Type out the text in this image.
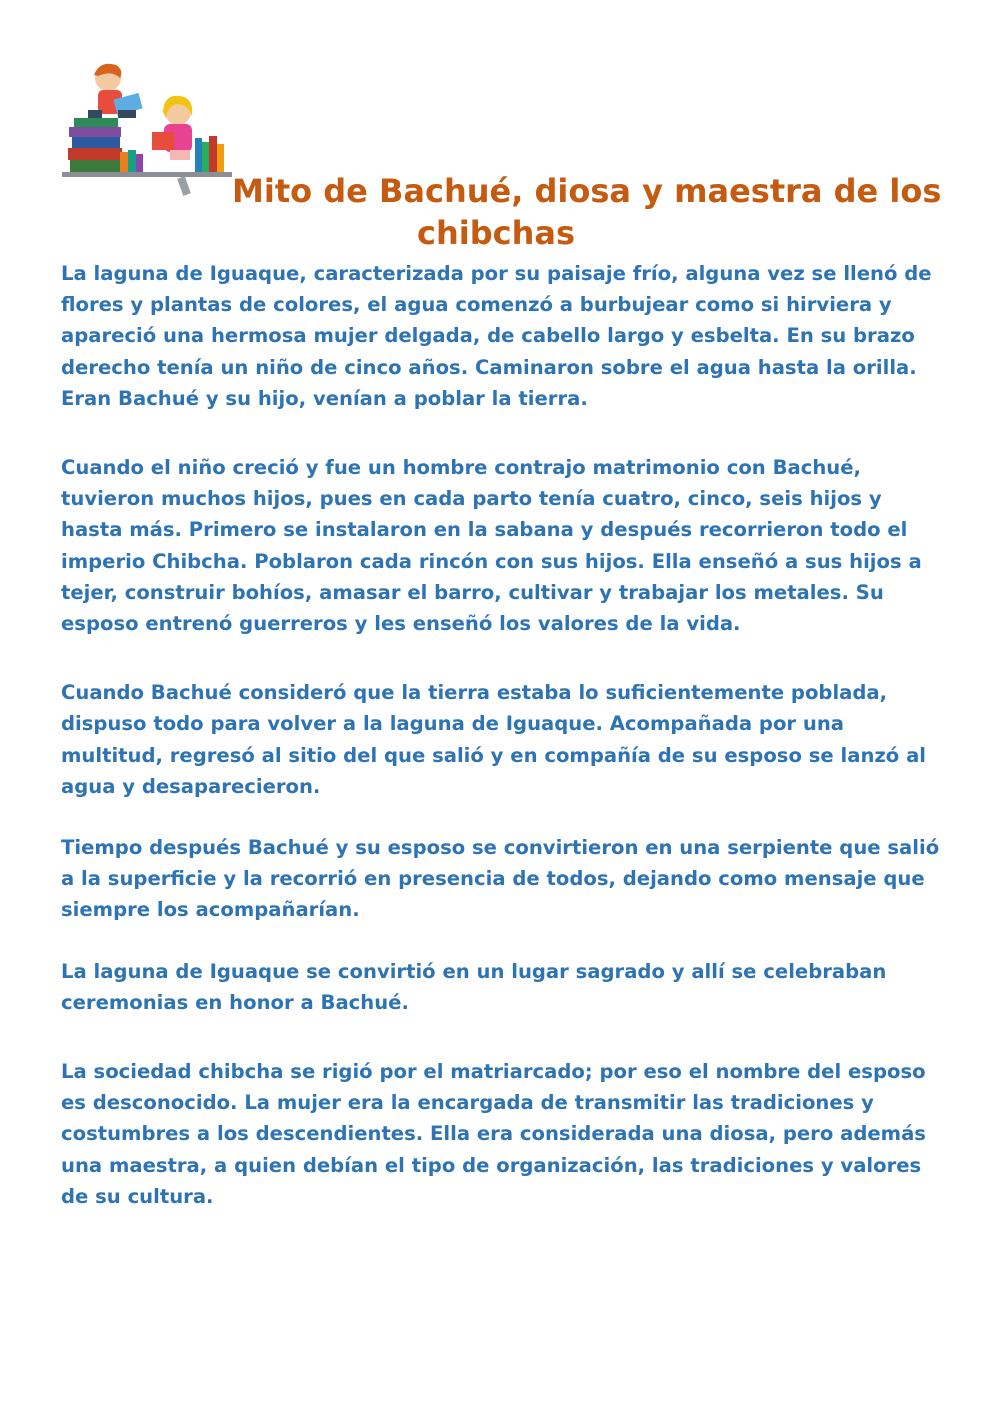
Mito de Bachué, diosa y maestra de los
chibchas

La laguna de Iguaque, caracterizada por su paisaje frío, alguna vez se llenó de flores y plantas de colores, el agua comenzó a burbujear como si hirviera y apareció una hermosa mujer delgada, de cabello largo y esbelta. En su brazo derecho tenía un niño de cinco años. Caminaron sobre el agua hasta la orilla. Eran Bachué y su hijo, venían a poblar la tierra.

Cuando el niño creció y fue un hombre contrajo matrimonio con Bachué, tuvieron muchos hijos, pues en cada parto tenía cuatro, cinco, seis hijos y hasta más. Primero se instalaron en la sabana y después recorrieron todo el imperio Chibcha. Poblaron cada rincón con sus hijos. Ella enseñó a sus hijos a tejer, construir bohíos, amasar el barro, cultivar y trabajar los metales. Su esposo entrenó guerreros y les enseñó los valores de la vida.

Cuando Bachué consideró que la tierra estaba lo suficientemente poblada, dispuso todo para volver a la laguna de Iguaque. Acompañada por una multitud, regresó al sitio del que salió y en compañía de su esposo se lanzó al agua y desaparecieron.

Tiempo después Bachué y su esposo se convirtieron en una serpiente que salió a la superficie y la recorrió en presencia de todos, dejando como mensaje que siempre los acompañarían.

La laguna de Iguaque se convirtió en un lugar sagrado y allí se celebraban ceremonias en honor a Bachué.

La sociedad chibcha se rigió por el matriarcado; por eso el nombre del esposo es desconocido. La mujer era la encargada de transmitir las tradiciones y costumbres a los descendientes. Ella era considerada una diosa, pero además una maestra, a quien debían el tipo de organización, las tradiciones y valores de su cultura.
